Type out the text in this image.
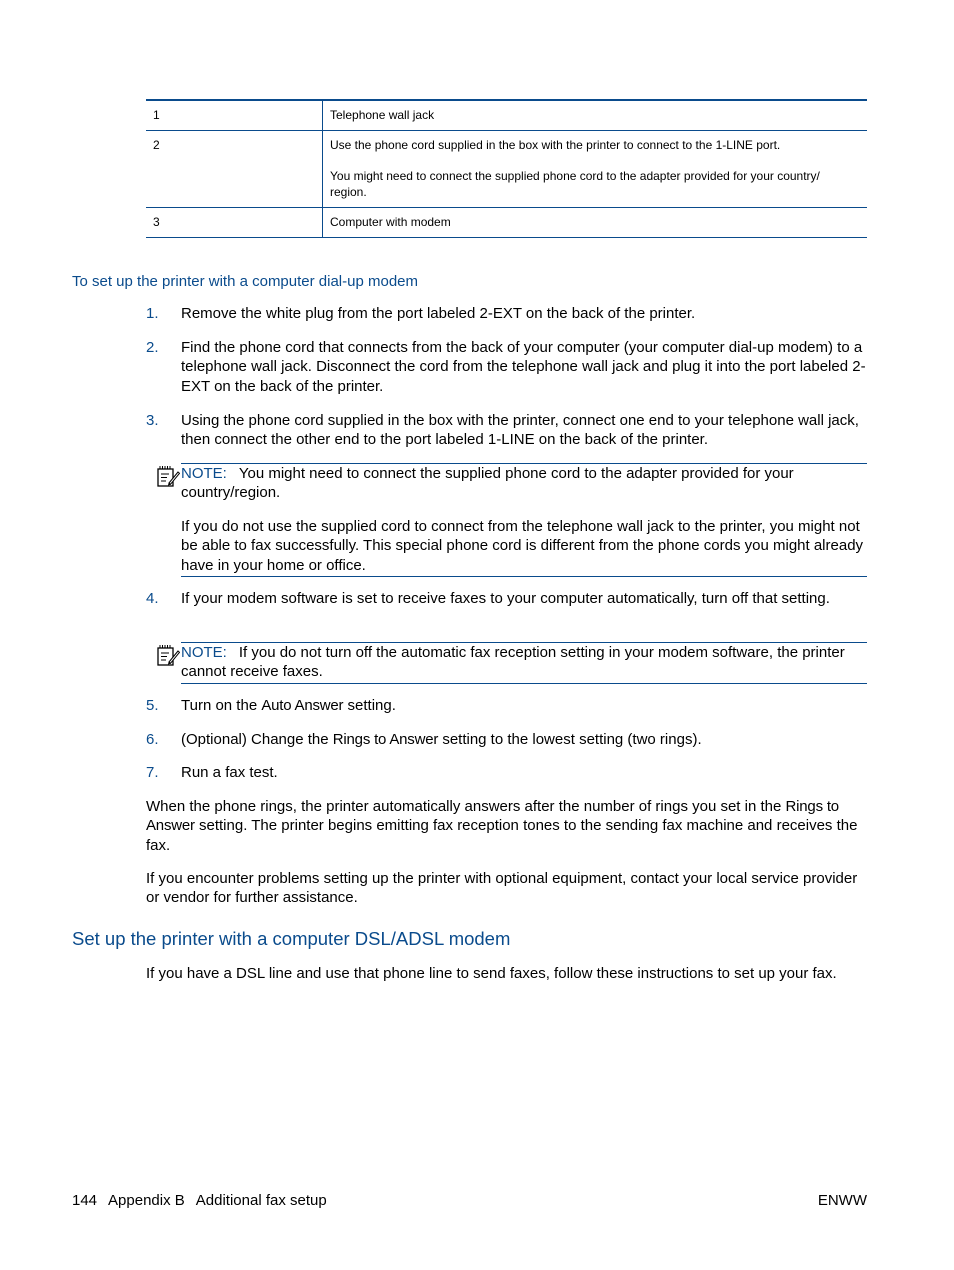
1	Telephone wall jack

2	Use the phone cord supplied in the box with the printer to connect to the 1-LINE port.

You might need to connect the supplied phone cord to the adapter provided for your country/ region.

3	Computer with modem

To set up the printer with a computer dial-up modem
1. Remove the white plug from the port labeled 2-EXT on the back of the printer.
2. Find the phone cord that connects from the back of your computer (your computer dial-up modem) to a telephone wall jack. Disconnect the cord from the telephone wall jack and plug it into the port labeled 2-EXT on the back of the printer.
3. Using the phone cord supplied in the box with the printer, connect one end to your telephone wall jack, then connect the other end to the port labeled 1-LINE on the back of the printer.

NOTE: You might need to connect the supplied phone cord to the adapter provided for your country/region.

If you do not use the supplied cord to connect from the telephone wall jack to the printer, you might not be able to fax successfully. This special phone cord is different from the phone cords you might already have in your home or office.

4. If your modem software is set to receive faxes to your computer automatically, turn off that setting.

NOTE: If you do not turn off the automatic fax reception setting in your modem software, the printer cannot receive faxes.

5. Turn on the Auto Answer setting.
6. (Optional) Change the Rings to Answer setting to the lowest setting (two rings).
7. Run a fax test.

When the phone rings, the printer automatically answers after the number of rings you set in the Rings to Answer setting. The printer begins emitting fax reception tones to the sending fax machine and receives the fax.

If you encounter problems setting up the printer with optional equipment, contact your local service provider or vendor for further assistance.

Set up the printer with a computer DSL/ADSL modem

If you have a DSL line and use that phone line to send faxes, follow these instructions to set up your fax.

144 Appendix B Additional fax setup	ENWW
